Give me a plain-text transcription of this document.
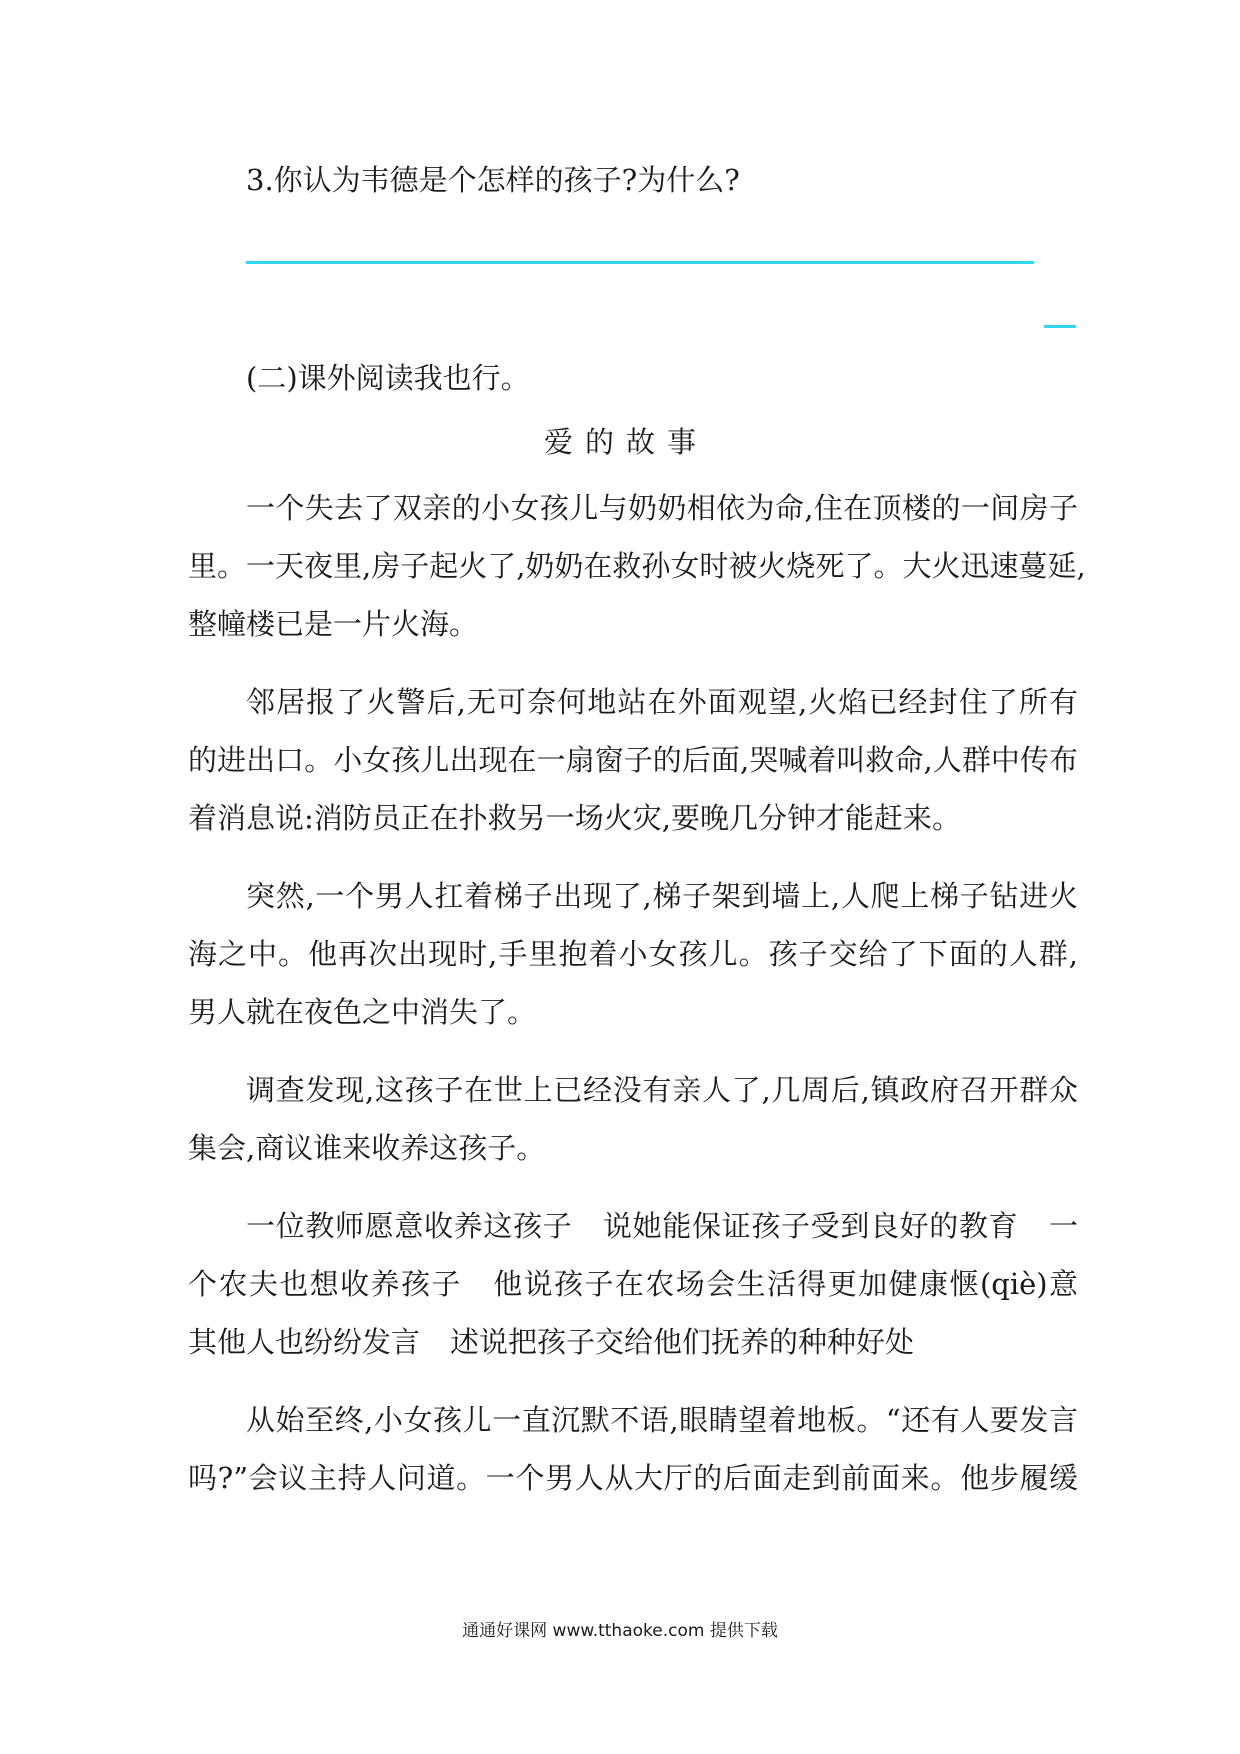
3.你认为韦德是个怎样的孩子?为什么?
(二)课外阅读我也行。
爱的故事
一个失去了双亲的小女孩儿与奶奶相依为命,住在顶楼的一间房子
里。一天夜里,房子起火了,奶奶在救孙女时被火烧死了。大火迅速蔓延,
整幢楼已是一片火海。
邻居报了火警后,无可奈何地站在外面观望,火焰已经封住了所有
的进出口。小女孩儿出现在一扇窗子的后面,哭喊着叫救命,人群中传布
着消息说:消防员正在扑救另一场火灾,要晚几分钟才能赶来。
突然,一个男人扛着梯子出现了,梯子架到墙上,人爬上梯子钻进火
海之中。他再次出现时,手里抱着小女孩儿。孩子交给了下面的人群,
男人就在夜色之中消失了。
调查发现,这孩子在世上已经没有亲人了,几周后,镇政府召开群众
集会,商议谁来收养这孩子。
一位教师愿意收养这孩子 说她能保证孩子受到良好的教育 一
个农夫也想收养孩子 他说孩子在农场会生活得更加健康惬(qiè)意
其他人也纷纷发言 述说把孩子交给他们抚养的种种好处
从始至终,小女孩儿一直沉默不语,眼睛望着地板。“还有人要发言
吗?”会议主持人问道。一个男人从大厅的后面走到前面来。他步履缓
通通好课网 www.tthaoke.com 提供下载
